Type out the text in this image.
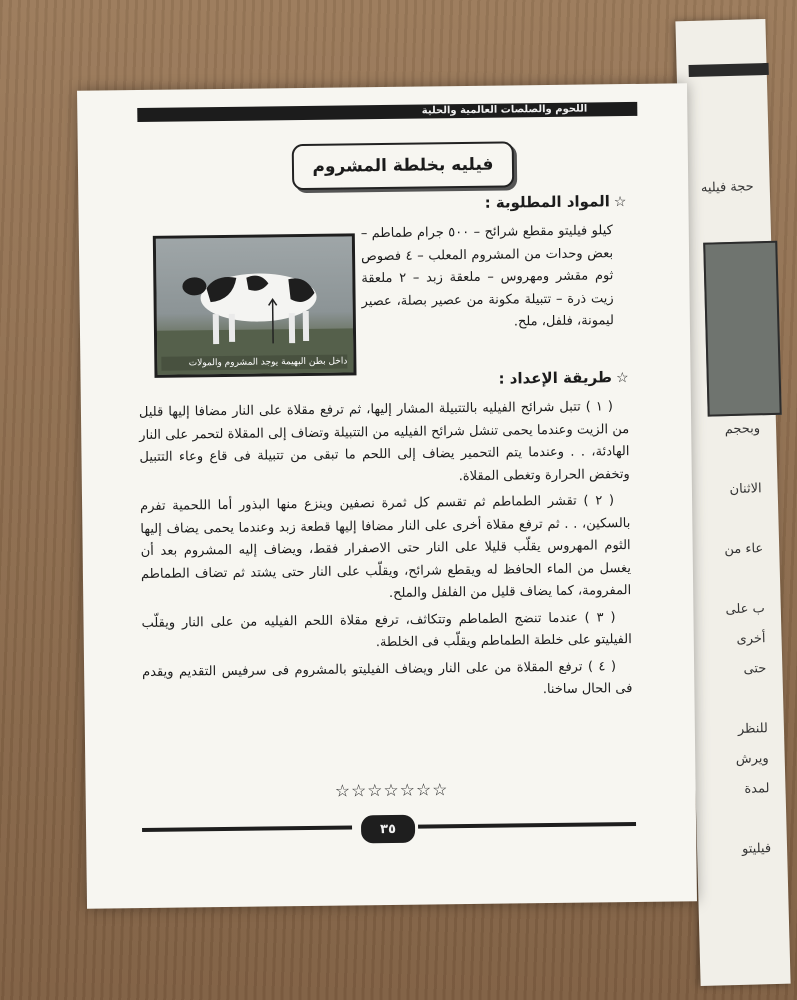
حجة فيليه
وبحجم
الاثنان
عاء من
ب على
أخرى
حتى
للنظر
ويرش
لمدة
فيليتو
اللحوم والصلصات العالمية والحلية
فيليه بخلطة المشروم
☆المواد المطلوبة :
كيلو فيليتو مقطع شرائح – ٥٠٠ جرام طماطم – بعض وحدات من المشروم المعلب – ٤ فصوص ثوم مقشر ومهروس – ملعقة زبد – ٢ ملعقة زيت ذرة – تتبيلة مكونة من عصير بصلة، عصير ليمونة، فلفل، ملح.
داخل بطن البهيمة يوجد المشروم والمولات
☆طريقة الإعداد :

( ١ ) تتبل شرائح الفيليه بالتتبيلة المشار إليها، ثم ترفع مقلاة على النار مضافا إليها قليل من الزيت وعندما يحمى تنشل شرائح الفيليه من التتبيلة وتضاف إلى المقلاة لتحمر على النار الهادئة، . . وعندما يتم التحمير يضاف إلى اللحم ما تبقى من تتبيلة فى قاع وعاء التتبيل وتخفض الحرارة وتغطى المقلاة.

( ٢ ) تقشر الطماطم ثم تقسم كل ثمرة نصفين وينزع منها البذور أما اللحمية تفرم بالسكين، . . ثم ترفع مقلاة أخرى على النار مضافا إليها قطعة زبد وعندما يحمى يضاف إليها الثوم المهروس يقلّب قليلا على النار حتى الاصفرار فقط، ويضاف إليه المشروم بعد أن يغسل من الماء الحافظ له ويقطع شرائح، ويقلّب على النار حتى يشتد ثم تضاف الطماطم المفرومة، كما يضاف قليل من الفلفل والملح.

( ٣ ) عندما تنضج الطماطم وتتكاثف، ترفع مقلاة اللحم الفيليه من على النار ويقلّب الفيليتو على خلطة الطماطم ويقلّب فى الخلطة.

( ٤ ) ترفع المقلاة من على النار ويضاف الفيليتو بالمشروم فى سرفيس التقديم ويقدم فى الحال ساخنا.

☆☆☆☆☆☆☆
٣٥
